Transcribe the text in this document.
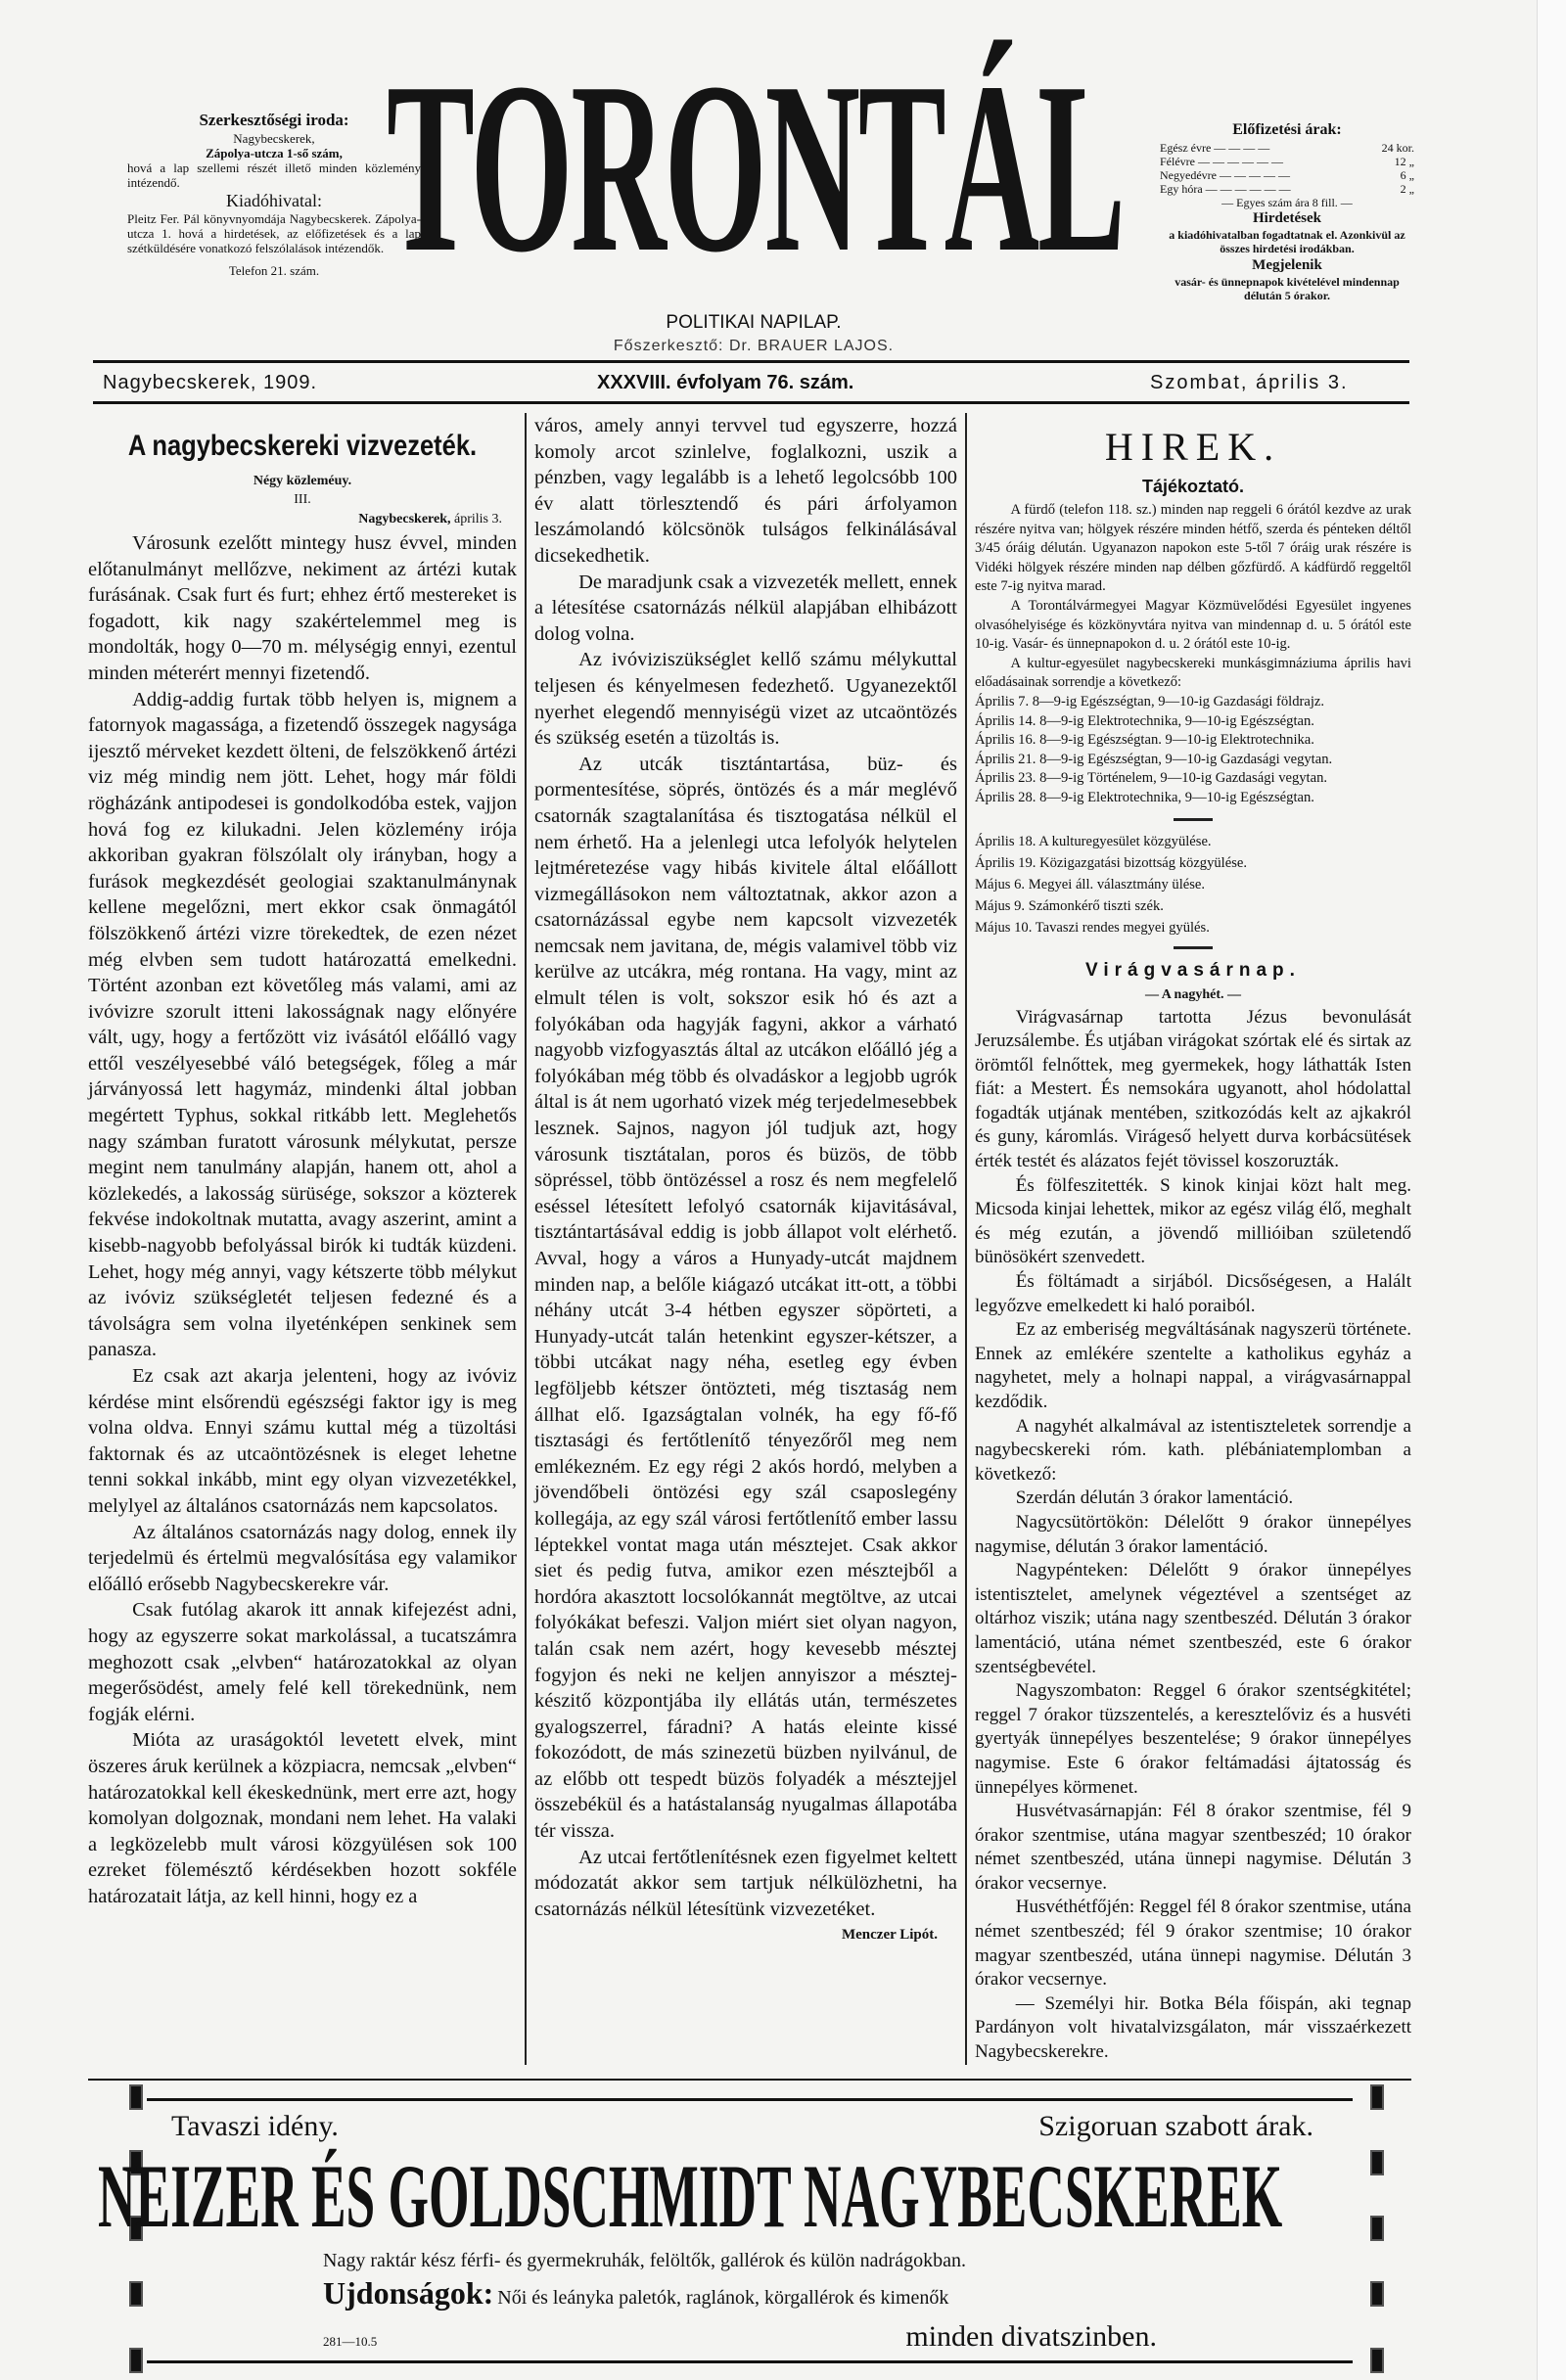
Szerkesztőségi iroda:
Nagybecskerek,
Zápolya-utcza 1-ső szám,
hová a lap szellemi részét illető minden közlemény intézendő.
Kiadóhivatal:
Pleitz Fer. Pál könyvnyomdája Nagybecskerek. Zápolya-utcza 1. hová a hirdetések, az előfizetések és a lap szétküldésére vonatkozó felszólalások intézendők.
Telefon 21. szám. TORONTÁL
POLITIKAI NAPILAP.
Főszerkesztő: Dr. BRAUER LAJOS.
Előfizetési árak:
Egész évre — — — —	24 kor.
Félévre — — — — — —	12 „
Negyedévre — — — — —	6 „
Egy hóra — — — — — —	2 „
— Egyes szám ára 8 fill. —
Hirdetések
a kiadóhivatalban fogadtatnak el. Azonkivül az összes hirdetési irodákban.
Megjelenik
vasár- és ünnepnapok kivételével mindennap délután 5 órakor.
Nagybecskerek, 1909.	XXXVIII. évfolyam 76. szám.	Szombat, április 3.
A nagybecskereki vizvezeték.
Négy közleméuy.
III.
Nagybecskerek, április 3.

Városunk ezelőtt mintegy husz évvel, minden előtanulmányt mellőzve, nekiment az ártézi kutak furásának. Csak furt és furt; ehhez értő mestereket is fogadott, kik nagy szakértelemmel meg is mondolták, hogy 0—70 m. mélységig ennyi, ezentul minden méterért mennyi fizetendő.

Addig-addig furtak több helyen is, mignem a fatornyok magassága, a fizetendő összegek nagysága ijesztő mérveket kezdett ölteni, de felszökkenő ártézi viz még mindig nem jött. Lehet, hogy már földi rögházánk antipodesei is gondolkodóba estek, vajjon hová fog ez kilukadni. Jelen közlemény irója akkoriban gyakran fölszólalt oly irányban, hogy a furások megkezdését geologiai szaktanulmánynak kellene megelőzni, mert ekkor csak önmagától fölszökkenő ártézi vizre törekedtek, de ezen nézet még elvben sem tudott határozattá emelkedni. Történt azonban ezt követőleg más valami, ami az ivóvizre szorult itteni lakosságnak nagy előnyére vált, ugy, hogy a fertőzött viz ivásától előálló vagy ettől veszélyesebbé váló betegségek, főleg a már járványossá lett hagymáz, mindenki által jobban megértett Typhus, sokkal ritkább lett. Meglehetős nagy számban furatott városunk mélykutat, persze megint nem tanulmány alapján, hanem ott, ahol a közlekedés, a lakosság sürüsége, sokszor a közterek fekvése indokoltnak mutatta, avagy aszerint, amint a kisebb-nagyobb befolyással birók ki tudták küzdeni. Lehet, hogy még annyi, vagy kétszerte több mélykut az ivóviz szükségletét teljesen fedezné és a távolságra sem volna ilyeténképen senkinek sem panasza.

Ez csak azt akarja jelenteni, hogy az ivóviz kérdése mint elsőrendü egészségi faktor igy is meg volna oldva. Ennyi számu kuttal még a tüzoltási faktornak és az utcaöntözésnek is eleget lehetne tenni sokkal inkább, mint egy olyan vizvezetékkel, melylyel az általános csatornázás nem kapcsolatos.

Az általános csatornázás nagy dolog, ennek ily terjedelmü és értelmü megvalósítása egy valamikor előálló erősebb Nagybecskerekre vár.

Csak futólag akarok itt annak kifejezést adni, hogy az egyszerre sokat markolással, a tucatszámra meghozott csak „elvben“ határozatokkal az olyan megerősödést, amely felé kell törekednünk, nem fogják elérni.

Mióta az uraságoktól levetett elvek, mint öszeres áruk kerülnek a közpiacra, nemcsak „elvben“ határozatokkal kell ékeskednünk, mert erre azt, hogy komolyan dolgoznak, mondani nem lehet. Ha valaki a legközelebb mult városi közgyülésen sok 100 ezreket fölemésztő kérdésekben hozott sokféle határozatait látja, az kell hinni, hogy ez a

város, amely annyi tervvel tud egyszerre, hozzá komoly arcot szinlelve, foglalkozni, uszik a pénzben, vagy legalább is a lehető legolcsóbb 100 év alatt törlesztendő és pári árfolyamon leszámolandó kölcsönök tulságos felkinálásával dicsekedhetik.

De maradjunk csak a vizvezeték mellett, ennek a létesítése csatornázás nélkül alapjában elhibázott dolog volna.

Az ivóviziszükséglet kellő számu mélykuttal teljesen és kényelmesen fedezhető. Ugyanezektől nyerhet elegendő mennyiségü vizet az utcaöntözés és szükség esetén a tüzoltás is.

Az utcák tisztántartása, büz- és pormentesítése, söprés, öntözés és a már meglévő csatornák szagtalanítása és tisztogatása nélkül el nem érhető. Ha a jelenlegi utca lefolyók helytelen lejtméretezése vagy hibás kivitele által előállott vizmegállásokon nem változtatnak, akkor azon a csatornázással egybe nem kapcsolt vizvezeték nemcsak nem javitana, de, mégis valamivel több viz kerülve az utcákra, még rontana. Ha vagy, mint az elmult télen is volt, sokszor esik hó és azt a folyókában oda hagyják fagyni, akkor a várható nagyobb vizfogyasztás által az utcákon előálló jég a folyókában még több és olvadáskor a legjobb ugrók által is át nem ugorható vizek még terjedelmesebbek lesznek. Sajnos, nagyon jól tudjuk azt, hogy városunk tisztátalan, poros és büzös, de több söpréssel, több öntözéssel a rosz és nem megfelelő eséssel létesített lefolyó csatornák kijavitásával, tisztántartásával eddig is jobb állapot volt elérhető. Avval, hogy a város a Hunyady-utcát majdnem minden nap, a belőle kiágazó utcákat itt-ott, a többi néhány utcát 3-4 hétben egyszer söpörteti, a Hunyady-utcát talán hetenkint egyszer-kétszer, a többi utcákat nagy néha, esetleg egy évben legföljebb kétszer öntözteti, még tisztaság nem állhat elő. Igazságtalan volnék, ha egy fő-fő tisztasági és fertőtlenítő tényezőről meg nem emlékezném. Ez egy régi 2 akós hordó, melyben a jövendőbeli öntözési egy szál csaposlegény kollegája, az egy szál városi fertőtlenítő ember lassu léptekkel vontat maga után mésztejet. Csak akkor siet és pedig futva, amikor ezen mésztejből a hordóra akasztott locsolókannát megtöltve, az utcai folyókákat befeszi. Valjon miért siet olyan nagyon, talán csak nem azért, hogy kevesebb mésztej fogyjon és neki ne keljen annyiszor a mésztej-készitő központjába ily ellátás után, természetes gyalogszerrel, fáradni? A hatás eleinte kissé fokozódott, de más szinezetü büzben nyilvánul, de az előbb ott tespedt büzös folyadék a mésztejjel összebékül és a hatástalanság nyugalmas állapotába tér vissza.

Az utcai fertőtlenítésnek ezen figyelmet keltett módozatát akkor sem tartjuk nélkülözhetni, ha csatornázás nélkül létesítünk vizvezetéket.

Menczer Lipót.
HIREK.
Tájékoztató.

A fürdő (telefon 118. sz.) minden nap reggeli 6 órától kezdve az urak részére nyitva van; hölgyek részére minden hétfő, szerda és pénteken déltől 3/45 óráig délután. Ugyanazon napokon este 5-től 7 óráig urak részére is Vidéki hölgyek részére minden nap délben gőzfürdő. A kádfürdő reggeltől este 7-ig nyitva marad.

A Torontálvármegyei Magyar Közmüvelődési Egyesület ingyenes olvasóhelyisége és közkönyvtára nyitva van mindennap d. u. 5 órától este 10-ig. Vasár- és ünnepnapokon d. u. 2 órától este 10-ig.

A kultur-egyesület nagybecskereki munkásgimnáziuma április havi előadásainak sorrendje a következő:

Április 7. 8—9-ig Egészségtan, 9—10-ig Gazdasági földrajz.
Április 14. 8—9-ig Elektrotechnika, 9—10-ig Egészségtan.
Április 16. 8—9-ig Egészségtan. 9—10-ig Elektrotechnika.
Április 21. 8—9-ig Egészségtan, 9—10-ig Gazdasági vegytan.
Április 23. 8—9-ig Történelem, 9—10-ig Gazdasági vegytan.
Április 28. 8—9-ig Elektrotechnika, 9—10-ig Egészségtan.
Április 18. A kulturegyesület közgyülése.
Április 19. Közigazgatási bizottság közgyülése.
Május 6. Megyei áll. választmány ülése.
Május 9. Számonkérő tiszti szék.
Május 10. Tavaszi rendes megyei gyülés.
Virágvasárnap.
— A nagyhét. —

Virágvasárnap tartotta Jézus bevonulását Jeruzsálembe. És utjában virágokat szórtak elé és sirtak az örömtől felnőttek, meg gyermekek, hogy láthatták Isten fiát: a Mestert. És nemsokára ugyanott, ahol hódolattal fogadták utjának mentében, szitkozódás kelt az ajkakról és guny, káromlás. Virágeső helyett durva korbácsütések érték testét és alázatos fejét tövissel koszoruzták.

És fölfeszitették. S kinok kinjai közt halt meg. Micsoda kinjai lehettek, mikor az egész világ élő, meghalt és még ezután, a jövendő millióiban születendő bünösökért szenvedett.

És föltámadt a sirjából. Dicsőségesen, a Halált legyőzve emelkedett ki haló poraiból.

Ez az emberiség megváltásának nagyszerü története. Ennek az emlékére szentelte a katholikus egyház a nagyhetet, mely a holnapi nappal, a virágvasárnappal kezdődik.

A nagyhét alkalmával az istentiszteletek sorrendje a nagybecskereki róm. kath. plébániatemplomban a következő:

Szerdán délután 3 órakor lamentáció.

Nagycsütörtökön: Délelőtt 9 órakor ünnepélyes nagymise, délután 3 órakor lamentáció.

Nagypénteken: Délelőtt 9 órakor ünnepélyes istentisztelet, amelynek végeztével a szentséget az oltárhoz viszik; utána nagy szentbeszéd. Délután 3 órakor lamentáció, utána német szentbeszéd, este 6 órakor szentségbevétel.

Nagyszombaton: Reggel 6 órakor szentségkitétel; reggel 7 órakor tüzszentelés, a keresztelőviz és a husvéti gyertyák ünnepélyes beszentelése; 9 órakor ünnepélyes nagymise. Este 6 órakor feltámadási ájtatosság és ünnepélyes körmenet.

Husvétvasárnapján: Fél 8 órakor szentmise, fél 9 órakor szentmise, utána magyar szentbeszéd; 10 órakor német szentbeszéd, utána ünnepi nagymise. Délután 3 órakor vecsernye.

Husvéthétfőjén: Reggel fél 8 órakor szentmise, utána német szentbeszéd; fél 9 órakor szentmise; 10 órakor magyar szentbeszéd, utána ünnepi nagymise. Délután 3 órakor vecsernye.

— Személyi hir. Botka Béla főispán, aki tegnap Pardányon volt hivatalvizsgálaton, már visszaérkezett Nagybecskerekre.

Tavaszi idény.	Szigoruan szabott árak.
NEIZER ÉS GOLDSCHMIDT NAGYBECSKEREK
Nagy raktár kész férfi- és gyermekruhák, felöltők, gallérok és külön nadrágokban.
Ujdonságok: Női és leányka paletók, raglánok, körgallérok és kimenők
281—10.5	minden divatszinben.
